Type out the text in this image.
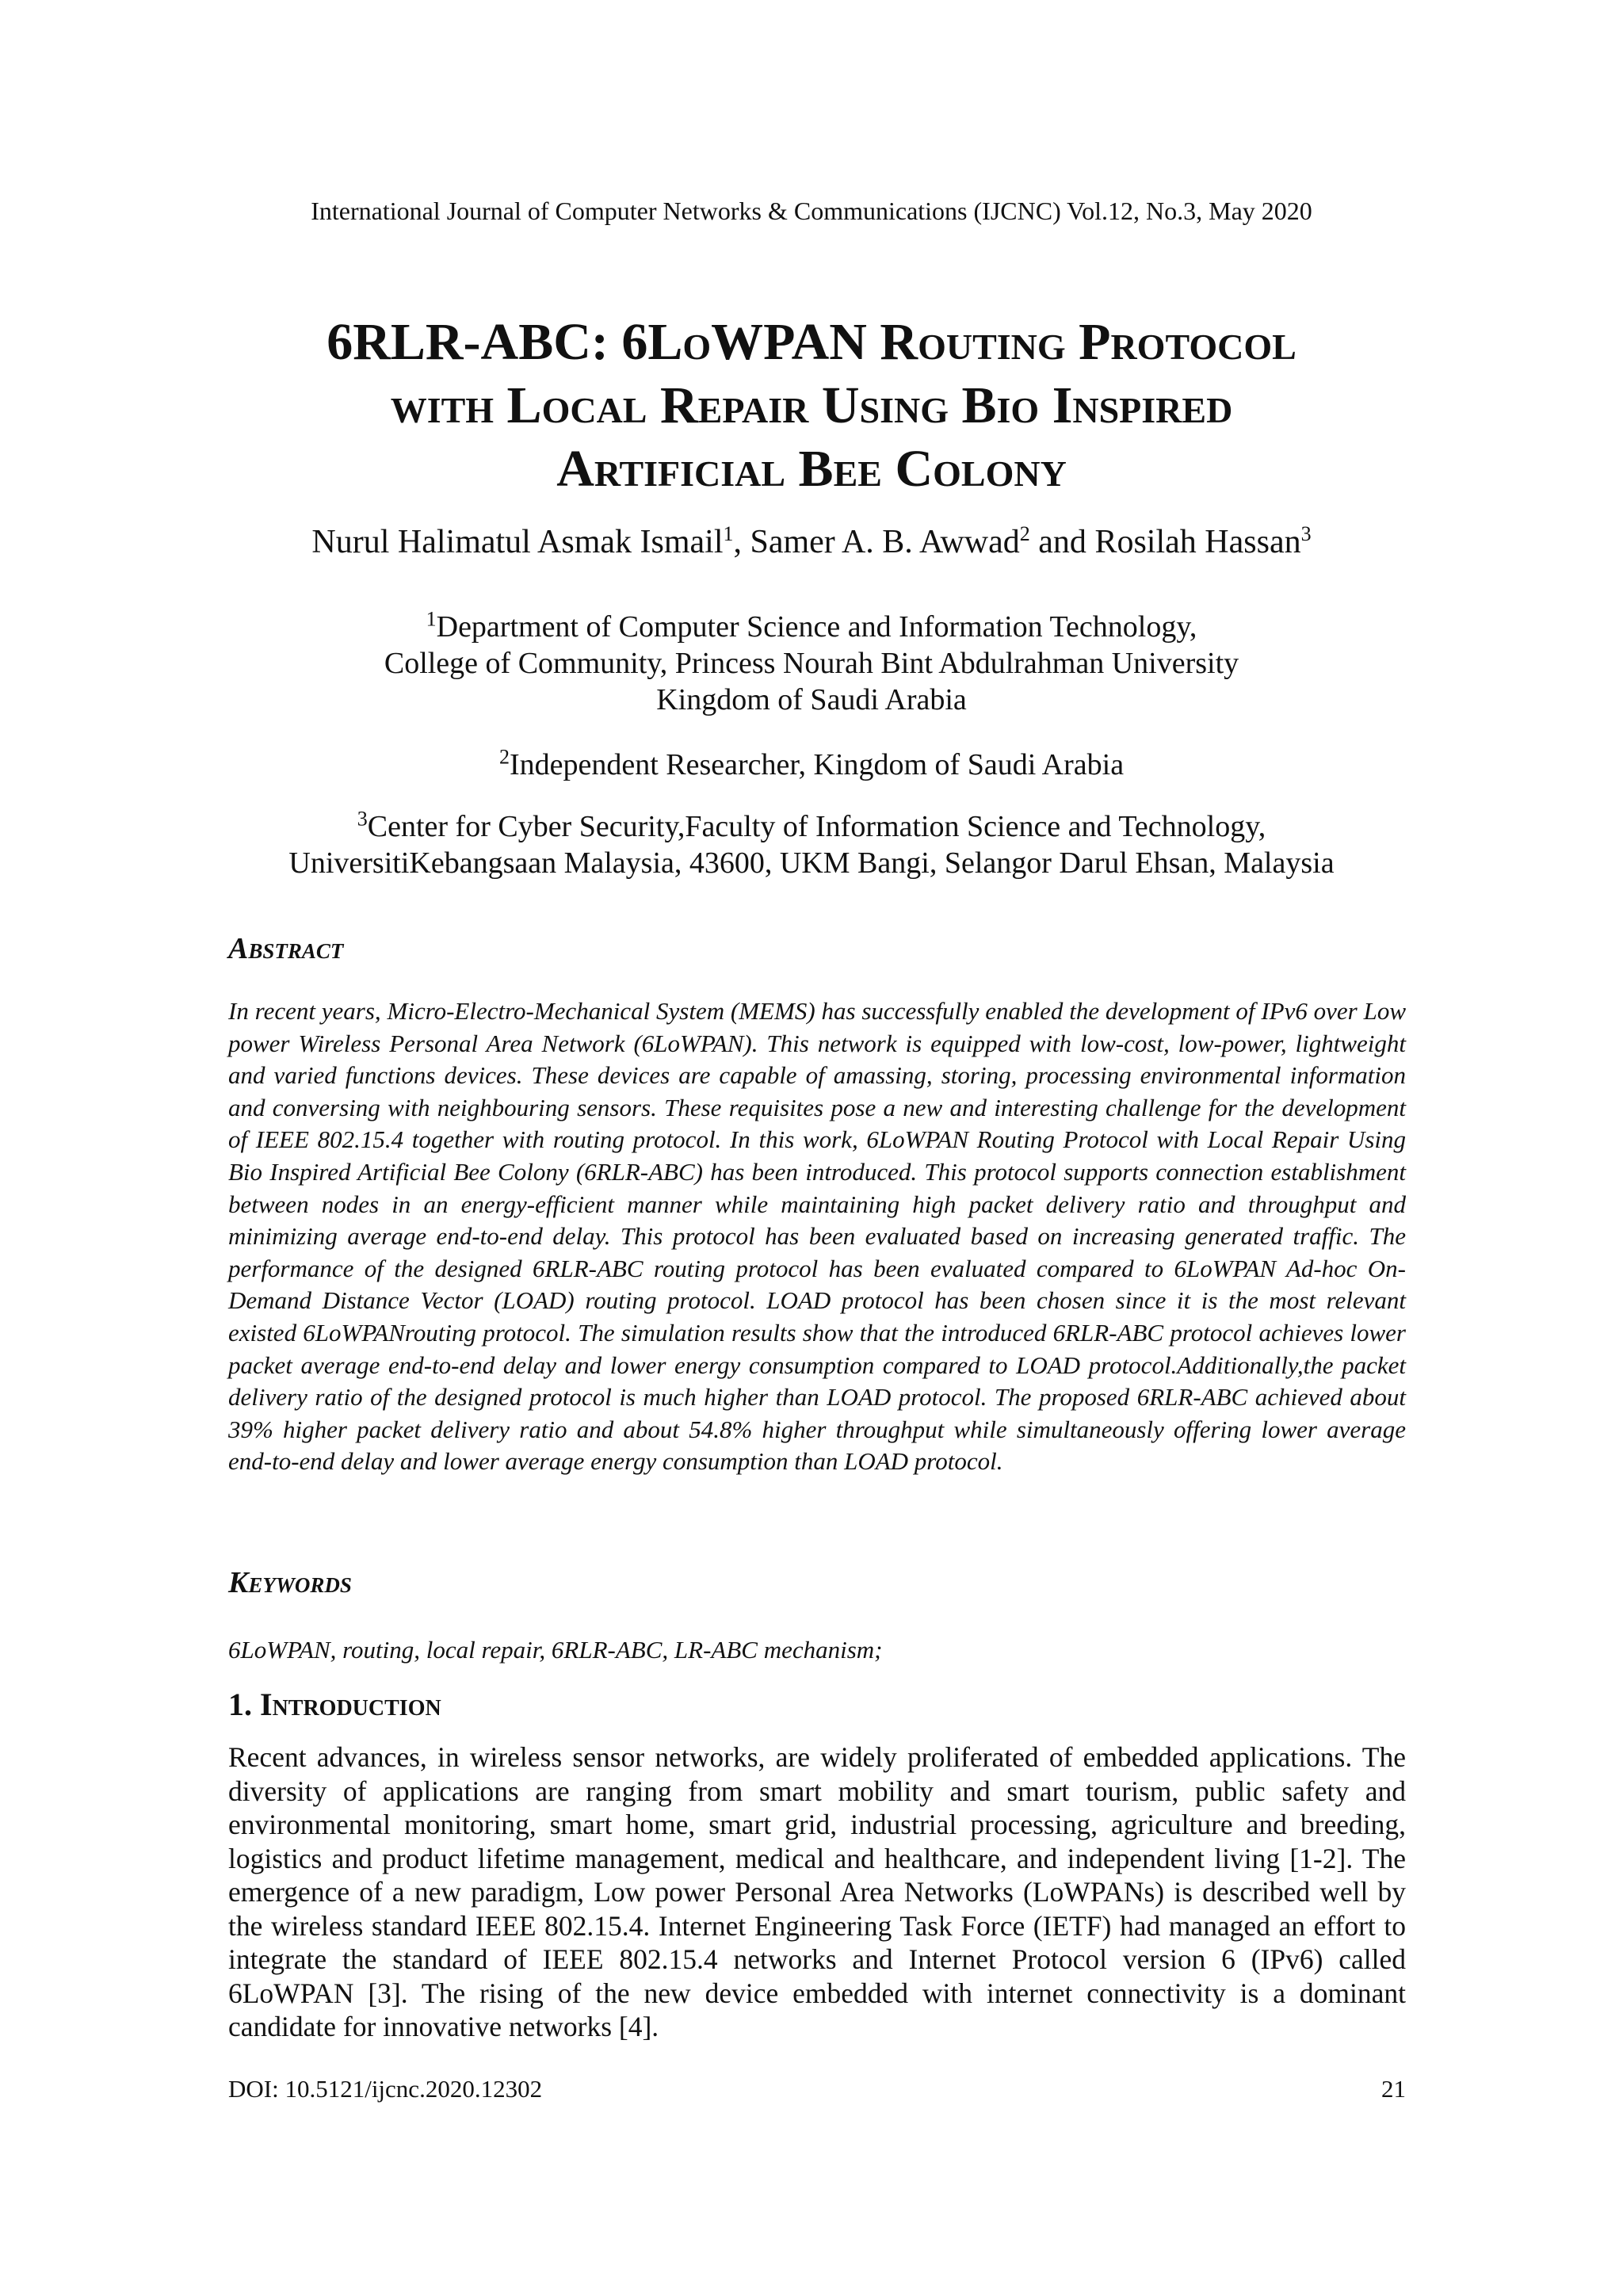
International Journal of Computer Networks & Communications (IJCNC) Vol.12, No.3, May 2020
6RLR-ABC: 6LoWPAN Routing Protocol
with Local Repair Using Bio Inspired
Artificial Bee Colony
Nurul Halimatul Asmak Ismail$^1$, Samer A. B. Awwad$^2$ and Rosilah Hassan$^3$
$^1$Department of Computer Science and Information Technology,
College of Community, Princess Nourah Bint Abdulrahman University
Kingdom of Saudi Arabia
$^2$Independent Researcher, Kingdom of Saudi Arabia
$^3$Center for Cyber Security,Faculty of Information Science and Technology,
UniversitiKebangsaan Malaysia, 43600, UKM Bangi, Selangor Darul Ehsan, Malaysia
Abstract

In recent years, Micro-Electro-Mechanical System (MEMS) has successfully enabled the development of IPv6 over Low power Wireless Personal Area Network (6LoWPAN). This network is equipped with low-cost, low-power, lightweight and varied functions devices. These devices are capable of amassing, storing, processing environmental information and conversing with neighbouring sensors. These requisites pose a new and interesting challenge for the development of IEEE 802.15.4 together with routing protocol. In this work, 6LoWPAN Routing Protocol with Local Repair Using Bio Inspired Artificial Bee Colony (6RLR-ABC) has been introduced. This protocol supports connection establishment between nodes in an energy-efficient manner while maintaining high packet delivery ratio and throughput and minimizing average end-to-end delay. This protocol has been evaluated based on increasing generated traffic. The performance of the designed 6RLR-ABC routing protocol has been evaluated compared to 6LoWPAN Ad-hoc On-Demand Distance Vector (LOAD) routing protocol. LOAD protocol has been chosen since it is the most relevant existed 6LoWPANrouting protocol. The simulation results show that the introduced 6RLR-ABC protocol achieves lower packet average end-to-end delay and lower energy consumption compared to LOAD protocol.Additionally,the packet delivery ratio of the designed protocol is much higher than LOAD protocol. The proposed 6RLR-ABC achieved about 39% higher packet delivery ratio and about 54.8% higher throughput while simultaneously offering lower average end-to-end delay and lower average energy consumption than LOAD protocol.

Keywords

6LoWPAN, routing, local repair, 6RLR-ABC, LR-ABC mechanism;

1. Introduction

Recent advances, in wireless sensor networks, are widely proliferated of embedded applications. The diversity of applications are ranging from smart mobility and smart tourism, public safety and environmental monitoring, smart home, smart grid, industrial processing, agriculture and breeding, logistics and product lifetime management, medical and healthcare, and independent living [1-2]. The emergence of a new paradigm, Low power Personal Area Networks (LoWPANs) is described well by the wireless standard IEEE 802.15.4. Internet Engineering Task Force (IETF) had managed an effort to integrate the standard of IEEE 802.15.4 networks and Internet Protocol version 6 (IPv6) called 6LoWPAN [3]. The rising of the new device embedded with internet connectivity is a dominant candidate for innovative networks [4].

DOI: 10.5121/ijcnc.2020.12302	21
